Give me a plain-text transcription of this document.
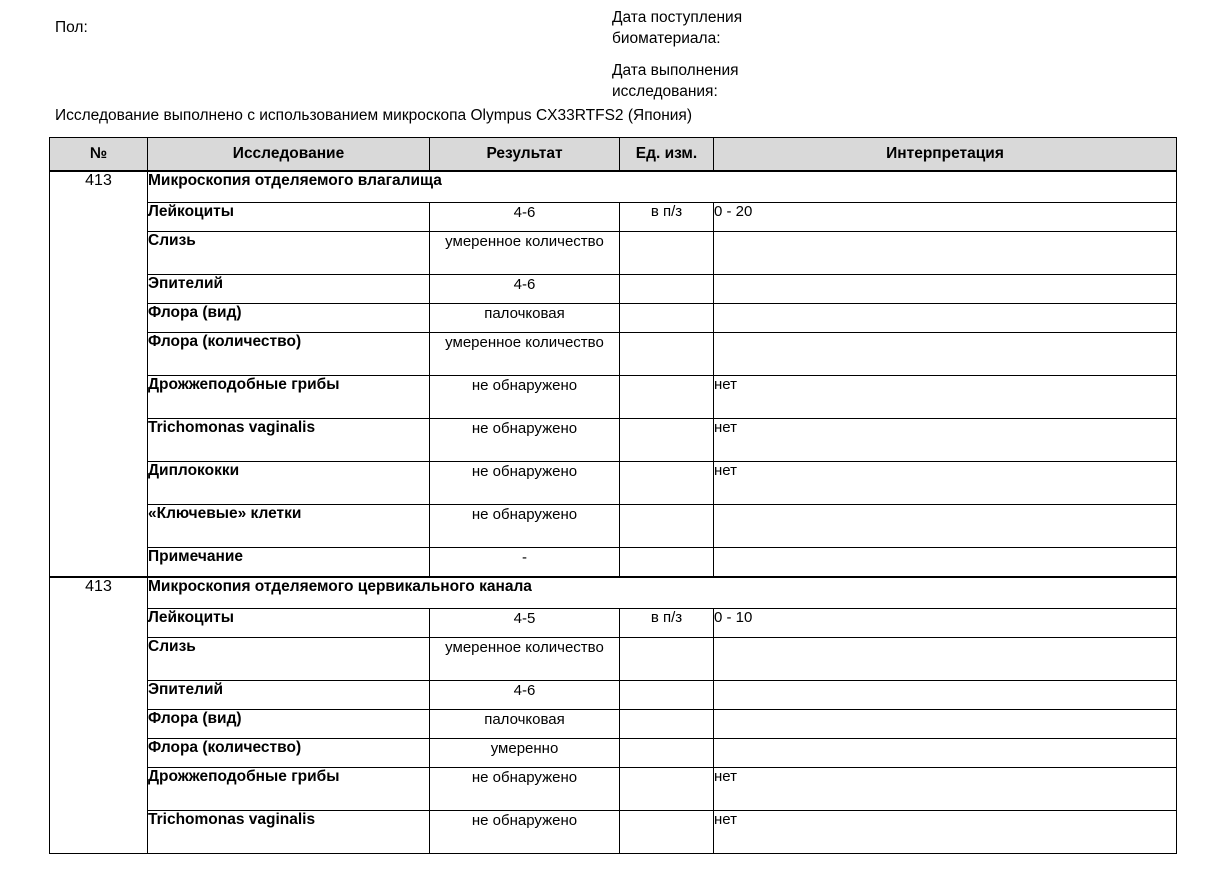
Пол:

Дата поступления биоматериала:

Дата выполнения исследования:

Исследование выполнено с использованием микроскопа Olympus CX33RTFS2 (Япония)
№	Исследование	Результат	Ед. изм.	Интерпретация
413	Микроскопия отделяемого влагалища			
	Лейкоциты	4-6	в п/з	0 - 20
	Слизь	умеренное количество		
	Эпителий	4-6		
	Флора (вид)	палочковая		
	Флора (количество)	умеренное количество		
	Дрожжеподобные грибы	не обнаружено		нет
	Trichomonas vaginalis	не обнаружено		нет
	Диплококки	не обнаружено		нет
	«Ключевые» клетки	не обнаружено		
	Примечание	-		
413	Микроскопия отделяемого цервикального канала			
	Лейкоциты	4-5	в п/з	0 - 10
	Слизь	умеренное количество		
	Эпителий	4-6		
	Флора (вид)	палочковая		
	Флора (количество)	умеренно		
	Дрожжеподобные грибы	не обнаружено		нет
	Trichomonas vaginalis	не обнаружено		нет
